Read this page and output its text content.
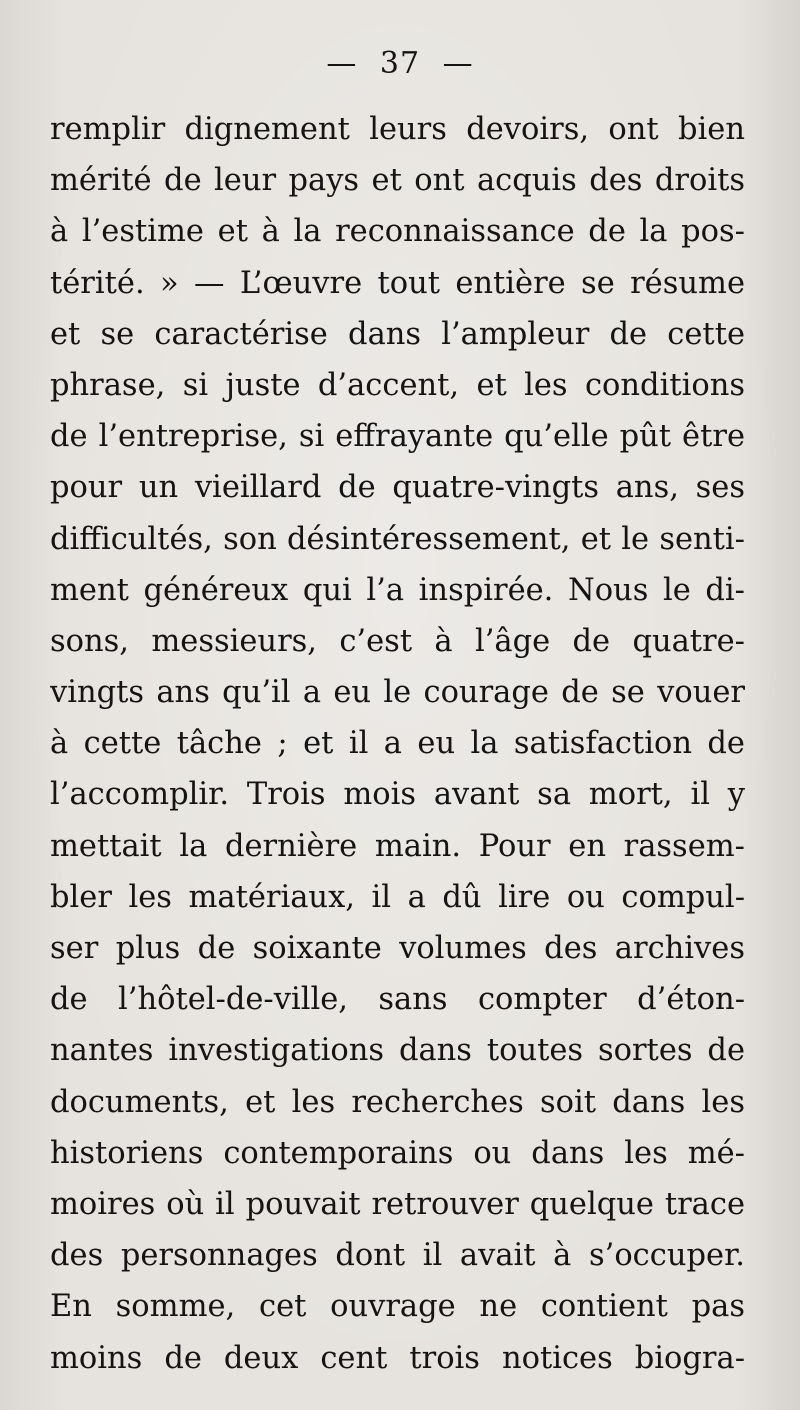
— 37 —
remplir dignement leurs devoirs, ont bien
mérité de leur pays et ont acquis des droits
à l’estime et à la reconnaissance de la pos-
térité. » — L’œuvre tout entière se résume
et se caractérise dans l’ampleur de cette
phrase, si juste d’accent, et les conditions
de l’entreprise, si effrayante qu’elle pût être
pour un vieillard de quatre-vingts ans, ses
difficultés, son désintéressement, et le senti-
ment généreux qui l’a inspirée. Nous le di-
sons, messieurs, c’est à l’âge de quatre-
vingts ans qu’il a eu le courage de se vouer
à cette tâche ; et il a eu la satisfaction de
l’accomplir. Trois mois avant sa mort, il y
mettait la dernière main. Pour en rassem-
bler les matériaux, il a dû lire ou compul-
ser plus de soixante volumes des archives
de l’hôtel-de-ville, sans compter d’éton-
nantes investigations dans toutes sortes de
documents, et les recherches soit dans les
historiens contemporains ou dans les mé-
moires où il pouvait retrouver quelque trace
des personnages dont il avait à s’occuper.
En somme, cet ouvrage ne contient pas
moins de deux cent trois notices biogra-
